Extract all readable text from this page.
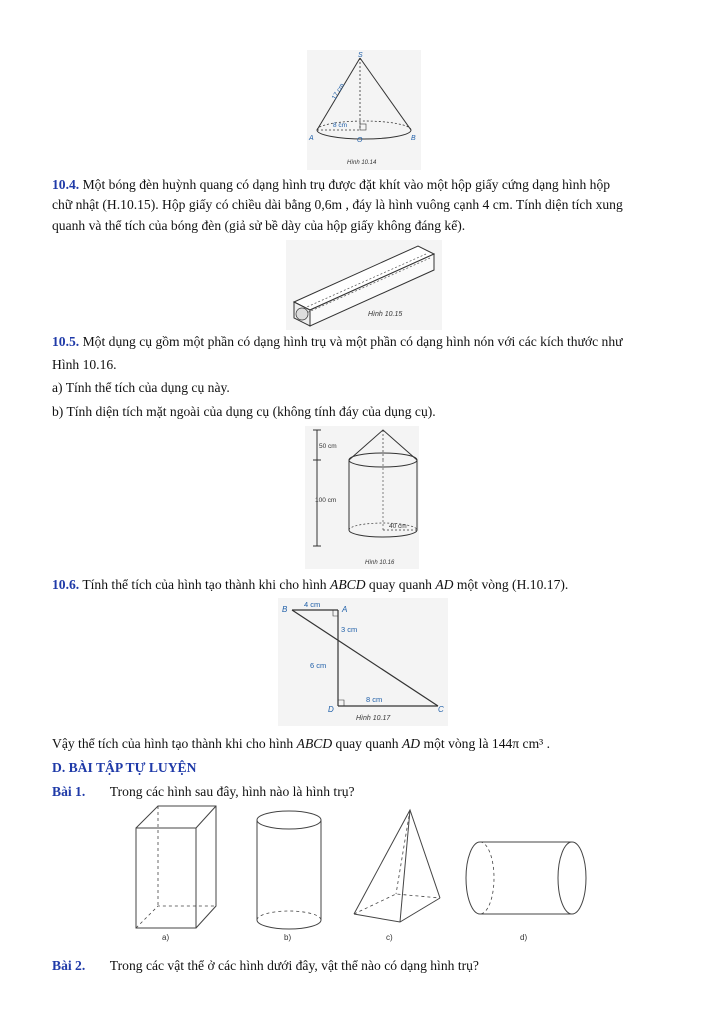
S
A	O	B
17 cm
8 cm
Hình 10.14

10.4. Một bóng đèn huỳnh quang có dạng hình trụ được đặt khít vào một hộp giấy cứng dạng hình hộp

chữ nhật (H.10.15). Hộp giấy có chiều dài bằng 0,6m , đáy là hình vuông cạnh 4 cm. Tính diện tích xung

quanh và thể tích của bóng đèn (giả sử bề dày của hộp giấy không đáng kể).

Hình 10.15

10.5. Một dụng cụ gồm một phần có dạng hình trụ và một phần có dạng hình nón với các kích thước như

Hình 10.16.

a) Tính thể tích của dụng cụ này.

b) Tính diện tích mặt ngoài của dụng cụ (không tính đáy của dụng cụ).

50 cm
100 cm
40 cm
Hình 10.16

10.6. Tính thể tích của hình tạo thành khi cho hình ABCD quay quanh AD một vòng (H.10.17).

B	A
C
D
4 cm
3 cm
6 cm
8 cm
Hình 10.17

Vậy thể tích của hình tạo thành khi cho hình ABCD quay quanh AD một vòng là 144π cm³ .

D. BÀI TẬP TỰ LUYỆN

Bài 1. Trong các hình sau đây, hình nào là hình trụ?

a)	b)	c)	d)

Bài 2. Trong các vật thể ở các hình dưới đây, vật thể nào có dạng hình trụ?
